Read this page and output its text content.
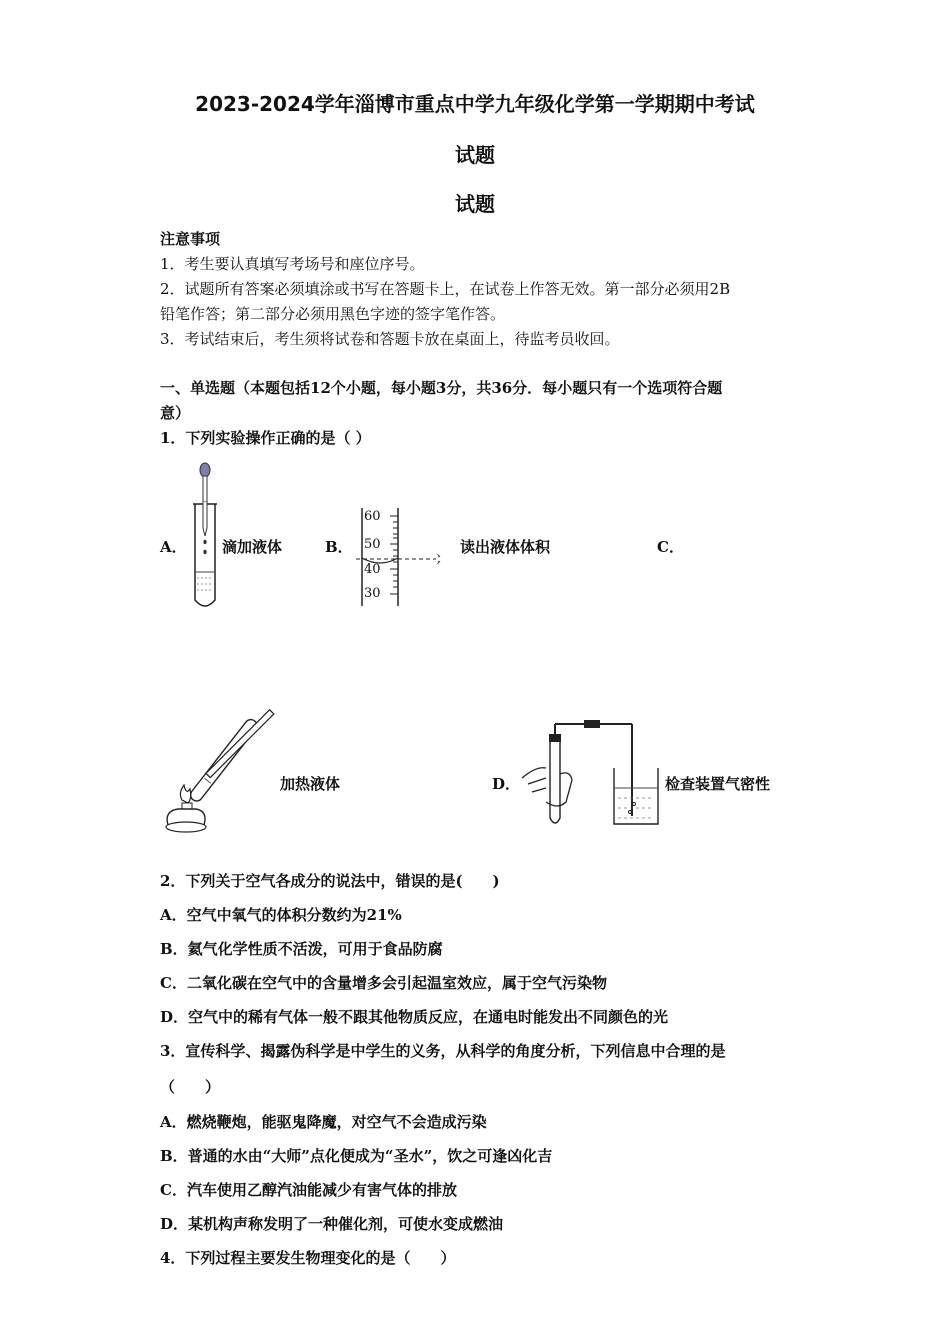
2023-2024学年淄博市重点中学九年级化学第一学期期中考试
试题
试题
注意事项
1．考生要认真填写考场号和座位序号。
2．试题所有答案必须填涂或书写在答题卡上，在试卷上作答无效。第一部分必须用2B
铅笔作答；第二部分必须用黑色字迹的签字笔作答。
3．考试结束后，考生须将试卷和答题卡放在桌面上，待监考员收回。
一、单选题（本题包括12个小题，每小题3分，共36分．每小题只有一个选项符合题
意）
1．下列实验操作正确的是（ ）
A． 滴加液体	B．
60
50
40
30
读出液体体积	C．
加热液体	D．	检查装置气密性
2．下列关于空气各成分的说法中，错误的是(　　)
A．空气中氧气的体积分数约为21%
B．氦气化学性质不活泼，可用于食品防腐
C．二氧化碳在空气中的含量增多会引起温室效应，属于空气污染物
D．空气中的稀有气体一般不跟其他物质反应，在通电时能发出不同颜色的光
3．宣传科学、揭露伪科学是中学生的义务，从科学的角度分析，下列信息中合理的是
（　　）
A．燃烧鞭炮，能驱鬼降魔，对空气不会造成污染
B．普通的水由“大师”点化便成为“圣水”，饮之可逢凶化吉
C．汽车使用乙醇汽油能减少有害气体的排放
D．某机构声称发明了一种催化剂，可使水变成燃油
4．下列过程主要发生物理变化的是（　　）
